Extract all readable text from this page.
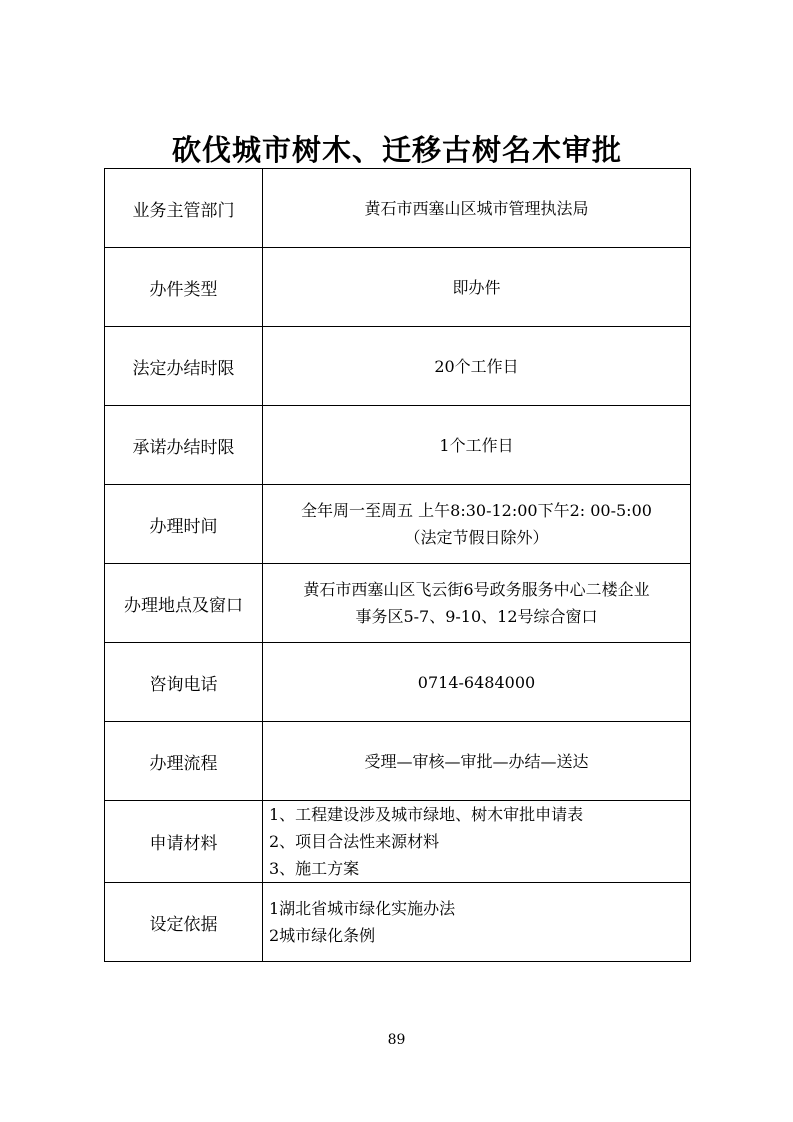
砍伐城市树木、迁移古树名木审批
业务主管部门	黄石市西塞山区城市管理执法局

办件类型	即办件

法定办结时限	20个工作日

承诺办结时限	1个工作日

办理时间	全年周一至周五 上午8:30-12:00下午2: 00-5:00
（法定节假日除外）

办理地点及窗口	黄石市西塞山区飞云街6号政务服务中心二楼企业
事务区5-7、9-10、12号综合窗口

咨询电话	0714-6484000

办理流程	受理—审核—审批—办结—送达

申请材料	1、工程建设涉及城市绿地、树木审批申请表
2、项目合法性来源材料
3、施工方案

设定依据	1湖北省城市绿化实施办法
2城市绿化条例
89
